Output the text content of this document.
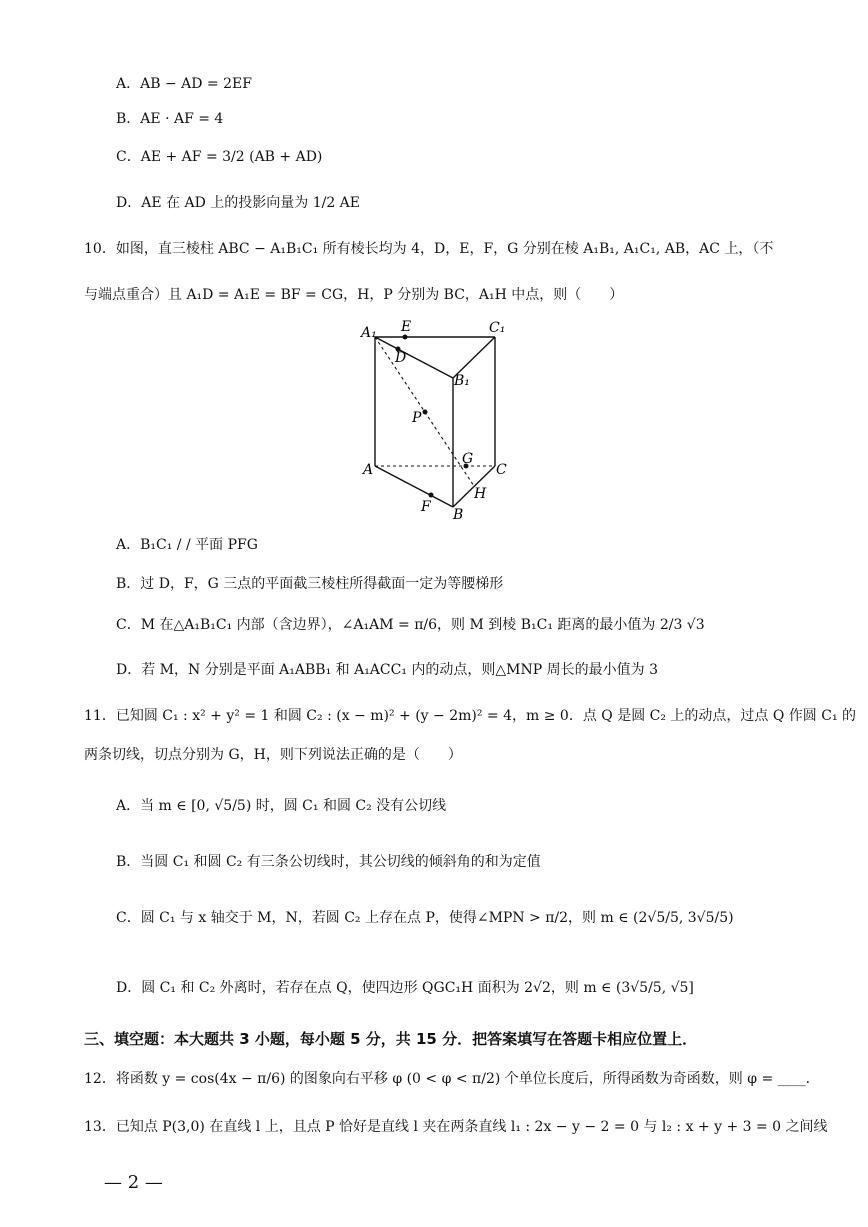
A．AB − AD = 2EF
B．AE · AF = 4
C．AE + AF = 3/2 (AB + AD)
D．AE 在 AD 上的投影向量为 1/2 AE
10．如图，直三棱柱 ABC − A₁B₁C₁ 所有棱长均为 4，D，E，F，G 分别在棱 A₁B₁, A₁C₁, AB，AC 上，（不
与端点重合）且 A₁D = A₁E = BF = CG，H，P 分别为 BC，A₁H 中点，则（　　）
A₁ E	C₁
D
B₁
P
G
A	C
H
F B
A．B₁C₁ / / 平面 PFG
B．过 D，F，G 三点的平面截三棱柱所得截面一定为等腰梯形
C．M 在△A₁B₁C₁ 内部（含边界），∠A₁AM = π/6，则 M 到棱 B₁C₁ 距离的最小值为 2/3 √3
D．若 M，N 分别是平面 A₁ABB₁ 和 A₁ACC₁ 内的动点，则△MNP 周长的最小值为 3
11．已知圆 C₁ : x² + y² = 1 和圆 C₂ : (x − m)² + (y − 2m)² = 4，m ≥ 0．点 Q 是圆 C₂ 上的动点，过点 Q 作圆 C₁ 的
两条切线，切点分别为 G，H，则下列说法正确的是（　　）
A．当 m ∈ [0, √5/5) 时，圆 C₁ 和圆 C₂ 没有公切线
B．当圆 C₁ 和圆 C₂ 有三条公切线时，其公切线的倾斜角的和为定值
C．圆 C₁ 与 x 轴交于 M，N，若圆 C₂ 上存在点 P，使得∠MPN > π/2，则 m ∈ (2√5/5, 3√5/5)
D．圆 C₁ 和 C₂ 外离时，若存在点 Q，使四边形 QGC₁H 面积为 2√2，则 m ∈ (3√5/5, √5]
三、填空题：本大题共 3 小题，每小题 5 分，共 15 分．把答案填写在答题卡相应位置上．
12．将函数 y = cos(4x − π/6) 的图象向右平移 φ (0 < φ < π/2) 个单位长度后，所得函数为奇函数，则 φ = ____．
13．已知点 P(3,0) 在直线 l 上，且点 P 恰好是直线 l 夹在两条直线 l₁ : 2x − y − 2 = 0 与 l₂ : x + y + 3 = 0 之间线
— 2 —
